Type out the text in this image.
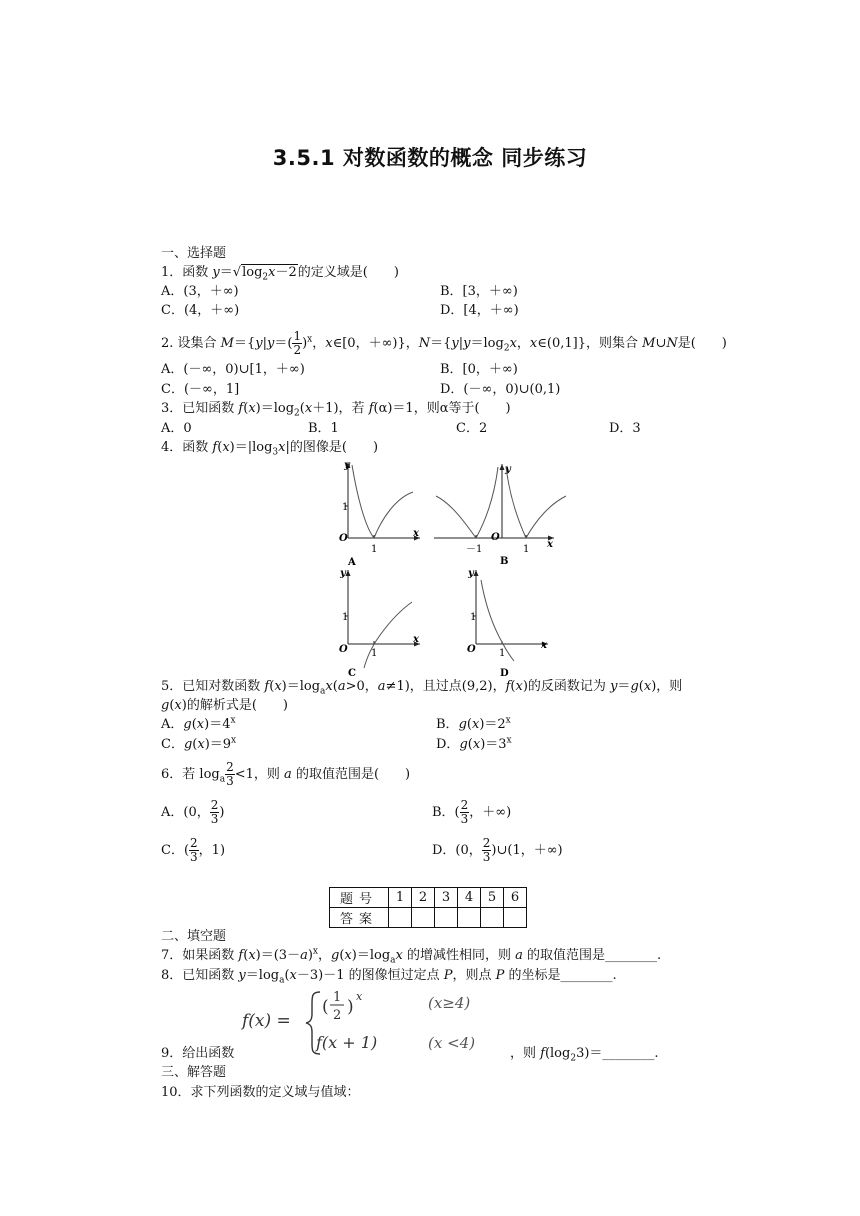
3.5.1 对数函数的概念 同步练习
一、选择题
1．函数 $y=√\log_2x-2$的定义域是(　　)
A．(3，＋∞)	B．[3，＋∞)
C．(4，＋∞)	D．[4，＋∞)
2. 设集合 $M=\{y|y=( \frac{1}{2} )^x$，x∈[0，＋∞)}，$N=\{y|y=\log_2x$，x∈(0,1]}，则集合 M∪N是(　　)
A．(－∞，0)∪[1，＋∞)	B．[0，＋∞)
C．(－∞，1]	D．(－∞，0)∪(0,1)
3．已知函数 $f(x)=\log_2(x+1)$，若 f(α)＝1，则α等于(　　)
A．0	B．1	C．2	D．3
4．函数 $f(x)=|\log_3x|$的图像是(　　)
y
x
O
1
1
A
y
x
O
－1	1
B
y
x
O
1
1
C
y
x
O
1
1
D
5．已知对数函数 $f(x)=\log_ax(a>0$，a≠1)，且过点(9,2)，f(x)的反函数记为 y＝g(x)，则
g(x)的解析式是(　　)
A．$g(x)=4^x$	B．$g(x)=2^x$
C．$g(x)=9^x$	D．$g(x)=3^x$
6．若 $\log_a \frac{2}{3} <1$，则 a 的取值范围是(　　)
A．(0， $\frac{2}{3}$ )	B．( $\frac{2}{3}$ ，＋∞)
C．( $\frac{2}{3}$ ，1)	D．(0， $\frac{2}{3}$ )∪(1，＋∞)
题号	1	2	3	4	5	6
答案						
二、填空题
7．如果函数 $f(x)=(3-a)^x$，$g(x)=\log_ax$ 的增减性相同，则 a 的取值范围是________.
8．已知函数 $y=\log_a(x-3)-1$ 的图像恒过定点 P，则点 P 的坐标是________.
f(x) =
( 1
2 )
x	(x≥4)
f(x + 1)	(x <4)
9．给出函数	，则 $f(\log_23)=\_\_\_\_\_\_\_\_$.
三、解答题
10．求下列函数的定义域与值域：
